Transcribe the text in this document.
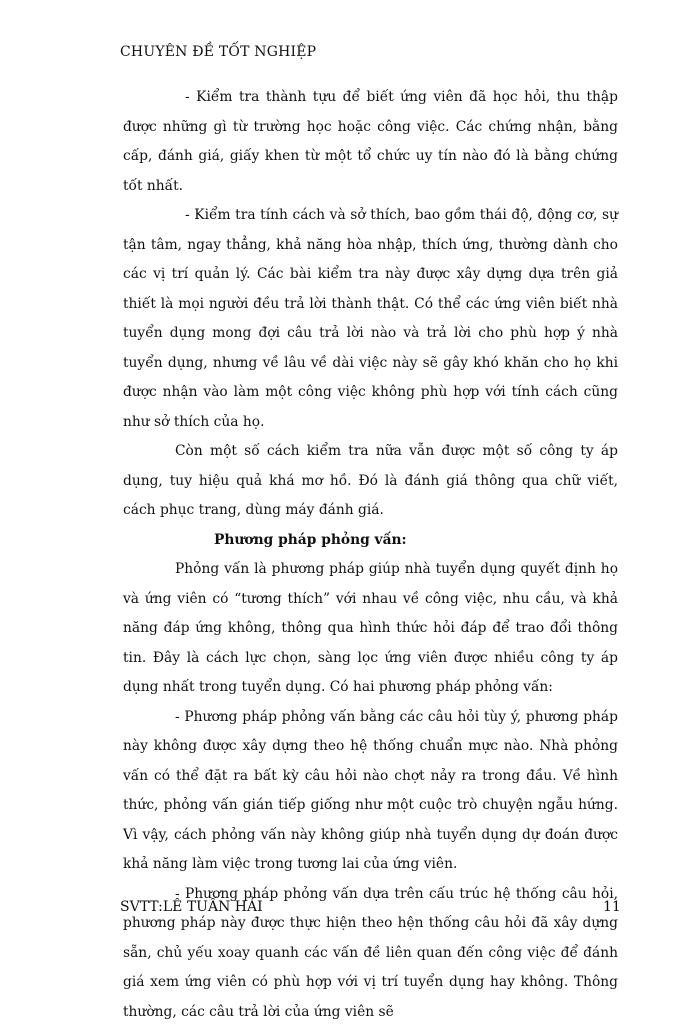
CHUYÊN ĐỀ TỐT NGHIỆP

- Kiểm tra thành tựu để biết ứng viên đã học hỏi, thu thập được những gì từ trường học hoặc công việc. Các chứng nhận, bằng cấp, đánh giá, giấy khen từ một tổ chức uy tín nào đó là bằng chứng tốt nhất.

- Kiểm tra tính cách và sở thích, bao gồm thái độ, động cơ, sự tận tâm, ngay thẳng, khả năng hòa nhập, thích ứng, thường dành cho các vị trí quản lý. Các bài kiểm tra này được xây dựng dựa trên giả thiết là mọi người đều trả lời thành thật. Có thể các ứng viên biết nhà tuyển dụng mong đợi câu trả lời nào và trả lời cho phù hợp ý nhà tuyển dụng, nhưng về lâu về dài việc này sẽ gây khó khăn cho họ khi được nhận vào làm một công việc không phù hợp với tính cách cũng như sở thích của họ.

Còn một số cách kiểm tra nữa vẫn được một số công ty áp dụng, tuy hiệu quả khá mơ hồ. Đó là đánh giá thông qua chữ viết, cách phục trang, dùng máy đánh giá.

Phương pháp phỏng vấn:

Phỏng vấn là phương pháp giúp nhà tuyển dụng quyết định họ và ứng viên có “tương thích” với nhau về công việc, nhu cầu, và khả năng đáp ứng không, thông qua hình thức hỏi đáp để trao đổi thông tin. Đây là cách lực chọn, sàng lọc ứng viên được nhiều công ty áp dụng nhất trong tuyển dụng. Có hai phương pháp phỏng vấn:

- Phương pháp phỏng vấn bằng các câu hỏi tùy ý, phương pháp này không được xây dựng theo hệ thống chuẩn mực nào. Nhà phỏng vấn có thể đặt ra bất kỳ câu hỏi nào chợt nảy ra trong đầu. Về hình thức, phỏng vấn gián tiếp giống như một cuộc trò chuyện ngẫu hứng. Vì vậy, cách phỏng vấn này không giúp nhà tuyển dụng dự đoán được khả năng làm việc trong tương lai của ứng viên.

- Phương pháp phỏng vấn dựa trên cấu trúc hệ thống câu hỏi, phương pháp này được thực hiện theo hện thống câu hỏi đã xây dựng sẵn, chủ yếu xoay quanh các vấn đề liên quan đến công việc để đánh giá xem ứng viên có phù hợp với vị trí tuyển dụng hay không. Thông thường, các câu trả lời của ứng viên sẽ

SVTT:LÊ TUẤN HẢI	11
